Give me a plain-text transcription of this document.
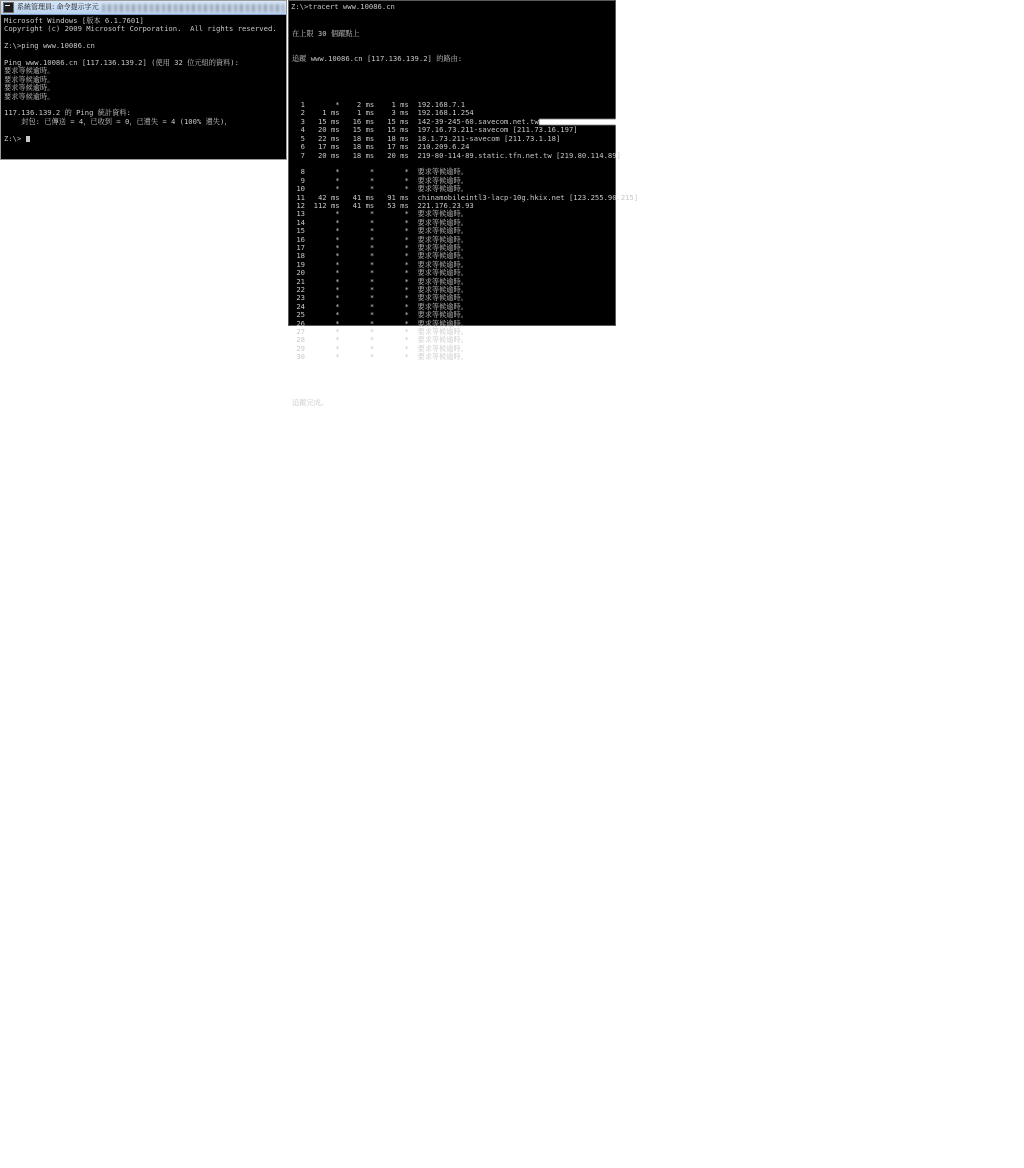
系統管理員: 命令提示字元
Microsoft Windows [版本 6.1.7601]
Copyright (c) 2009 Microsoft Corporation.  All rights reserved.

Z:\>ping www.10086.cn

Ping www.10086.cn [117.136.139.2] (使用 32 位元組的資料):
要求等候逾時。
要求等候逾時。
要求等候逾時。
要求等候逾時。

117.136.139.2 的 Ping 統計資料:
封包: 已傳送 = 4，已收到 = 0，已遺失 = 4 (100% 遺失)，

Z:\>
Z:\>tracert www.10086.cn

在上限 30 個躍點上

追蹤 www.10086.cn [117.136.139.2] 的路由:

1       *    2 ms    1 ms  192.168.7.1
2    1 ms    1 ms    3 ms  192.168.1.254
3   15 ms   16 ms   15 ms  142-39-245-60.savecom.net.tw
4   20 ms   15 ms   15 ms  197.16.73.211-savecom [211.73.16.197]
5   22 ms   18 ms   18 ms  18.1.73.211-savecom [211.73.1.18]
6   17 ms   18 ms   17 ms  210.209.6.24
7   20 ms   18 ms   20 ms  219-80-114-89.static.tfn.net.tw [219.80.114.89]

8       *       *       *  要求等候逾時。
9       *       *       *  要求等候逾時。
10       *       *       *  要求等候逾時。
11   42 ms   41 ms   91 ms  chinamobileintl3-lacp-10g.hkix.net [123.255.90.215]
12  112 ms   41 ms   53 ms  221.176.23.93
13       *       *       *  要求等候逾時。
14       *       *       *  要求等候逾時。
15       *       *       *  要求等候逾時。
16       *       *       *  要求等候逾時。
17       *       *       *  要求等候逾時。
18       *       *       *  要求等候逾時。
19       *       *       *  要求等候逾時。
20       *       *       *  要求等候逾時。
21       *       *       *  要求等候逾時。
22       *       *       *  要求等候逾時。
23       *       *       *  要求等候逾時。
24       *       *       *  要求等候逾時。
25       *       *       *  要求等候逾時。
26       *       *       *  要求等候逾時。
27       *       *       *  要求等候逾時。
28       *       *       *  要求等候逾時。
29       *       *       *  要求等候逾時。
30       *       *       *  要求等候逾時。

追蹤完成。
